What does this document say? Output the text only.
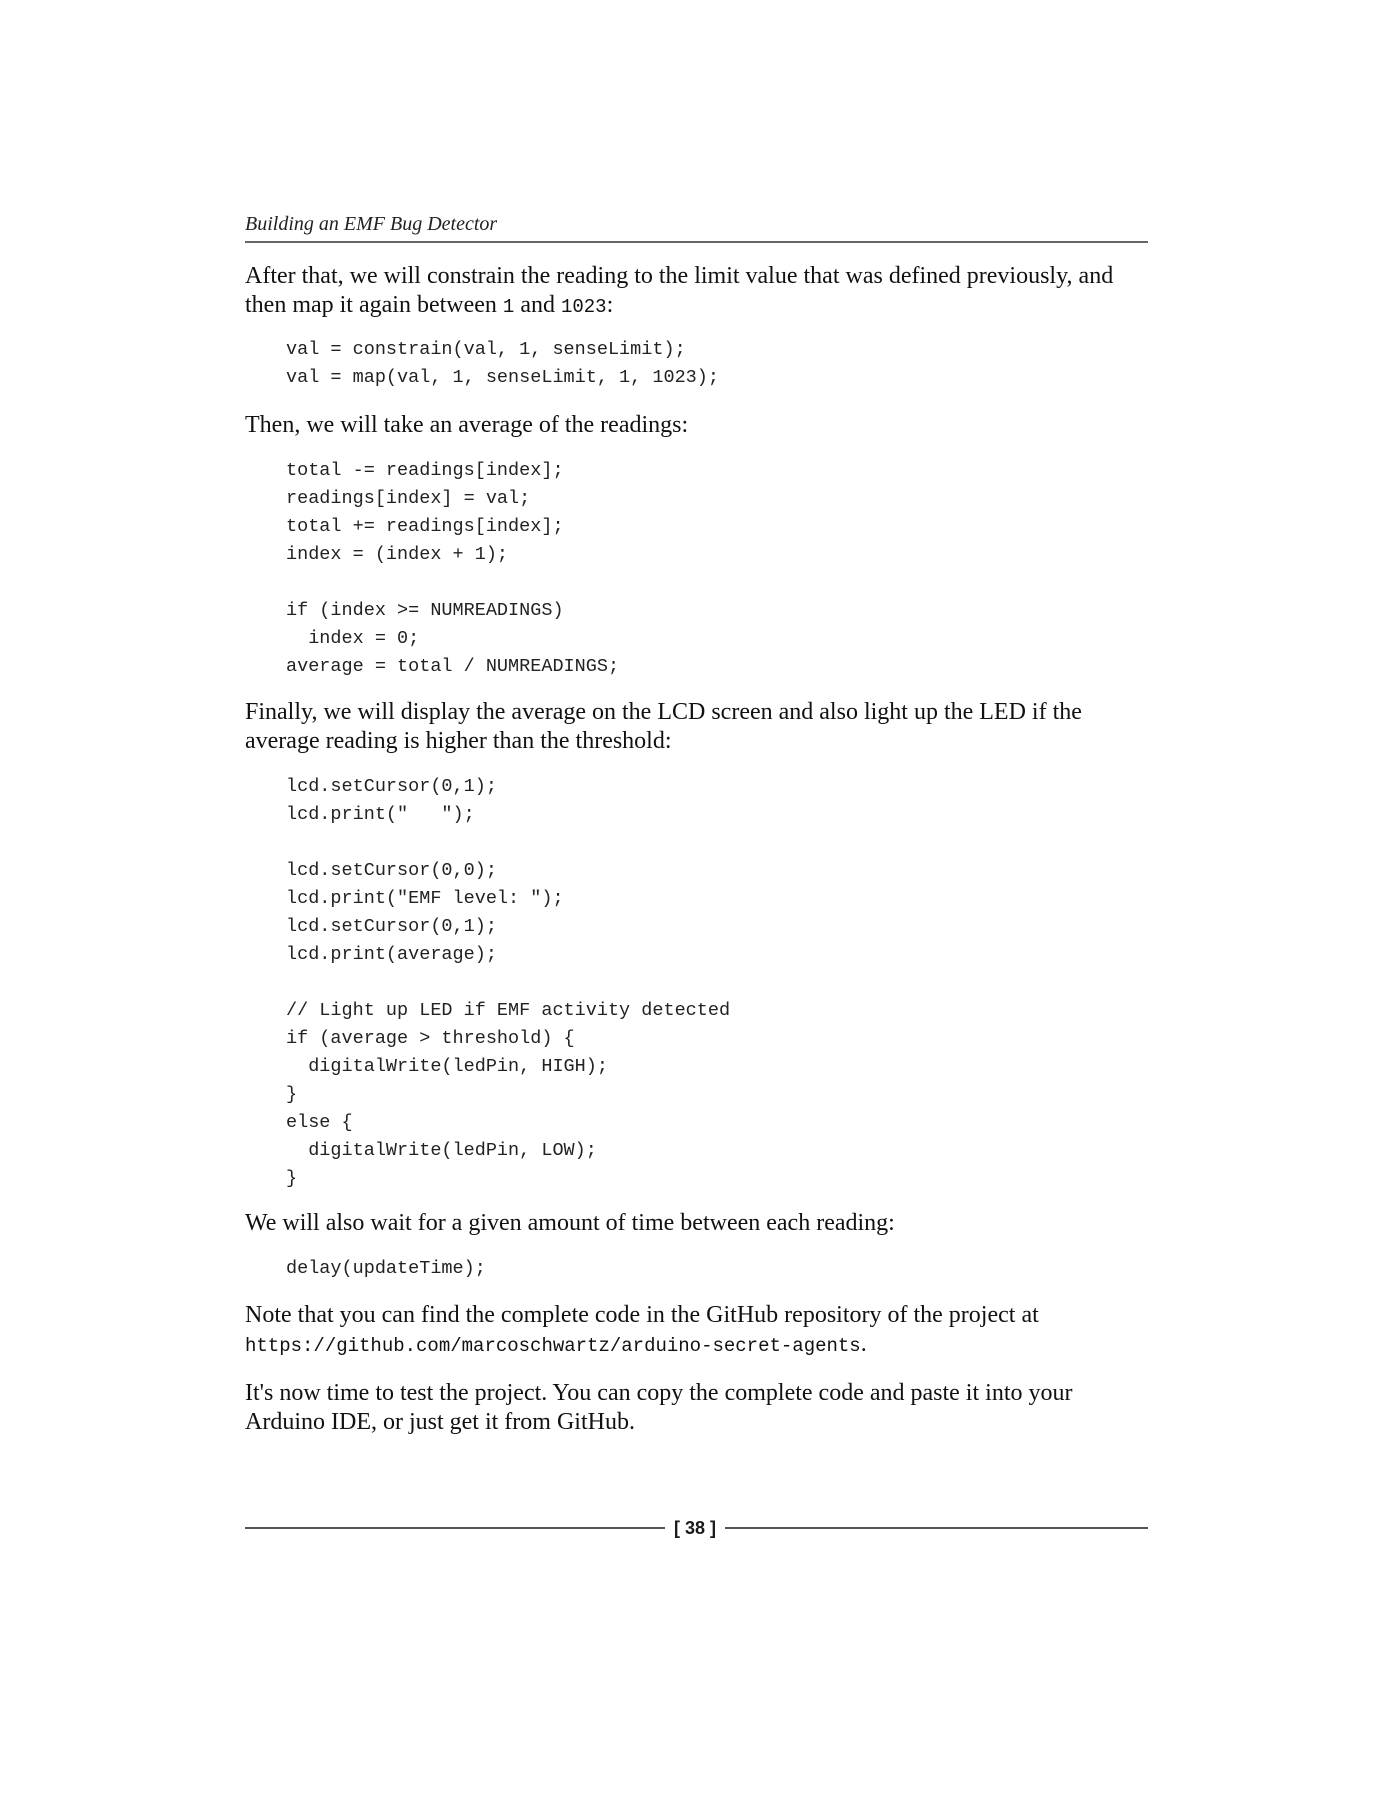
Building an EMF Bug Detector
After that, we will constrain the reading to the limit value that was defined previously, and then map it again between 1 and 1023:
val = constrain(val, 1, senseLimit);
val = map(val, 1, senseLimit, 1, 1023);
Then, we will take an average of the readings:
total -= readings[index];
readings[index] = val;
total += readings[index];
index = (index + 1);
if (index >= NUMREADINGS)
index = 0;
average = total / NUMREADINGS;
Finally, we will display the average on the LCD screen and also light up the LED if the average reading is higher than the threshold:
lcd.setCursor(0,1);
lcd.print("   ");
lcd.setCursor(0,0);
lcd.print("EMF level: ");
lcd.setCursor(0,1);
lcd.print(average);
// Light up LED if EMF activity detected
if (average > threshold) {
digitalWrite(ledPin, HIGH);
}
else {
digitalWrite(ledPin, LOW);
}
We will also wait for a given amount of time between each reading:
delay(updateTime);
Note that you can find the complete code in the GitHub repository of the project at https://github.com/marcoschwartz/arduino-secret-agents.
It's now time to test the project. You can copy the complete code and paste it into your Arduino IDE, or just get it from GitHub.
[ 38 ]
